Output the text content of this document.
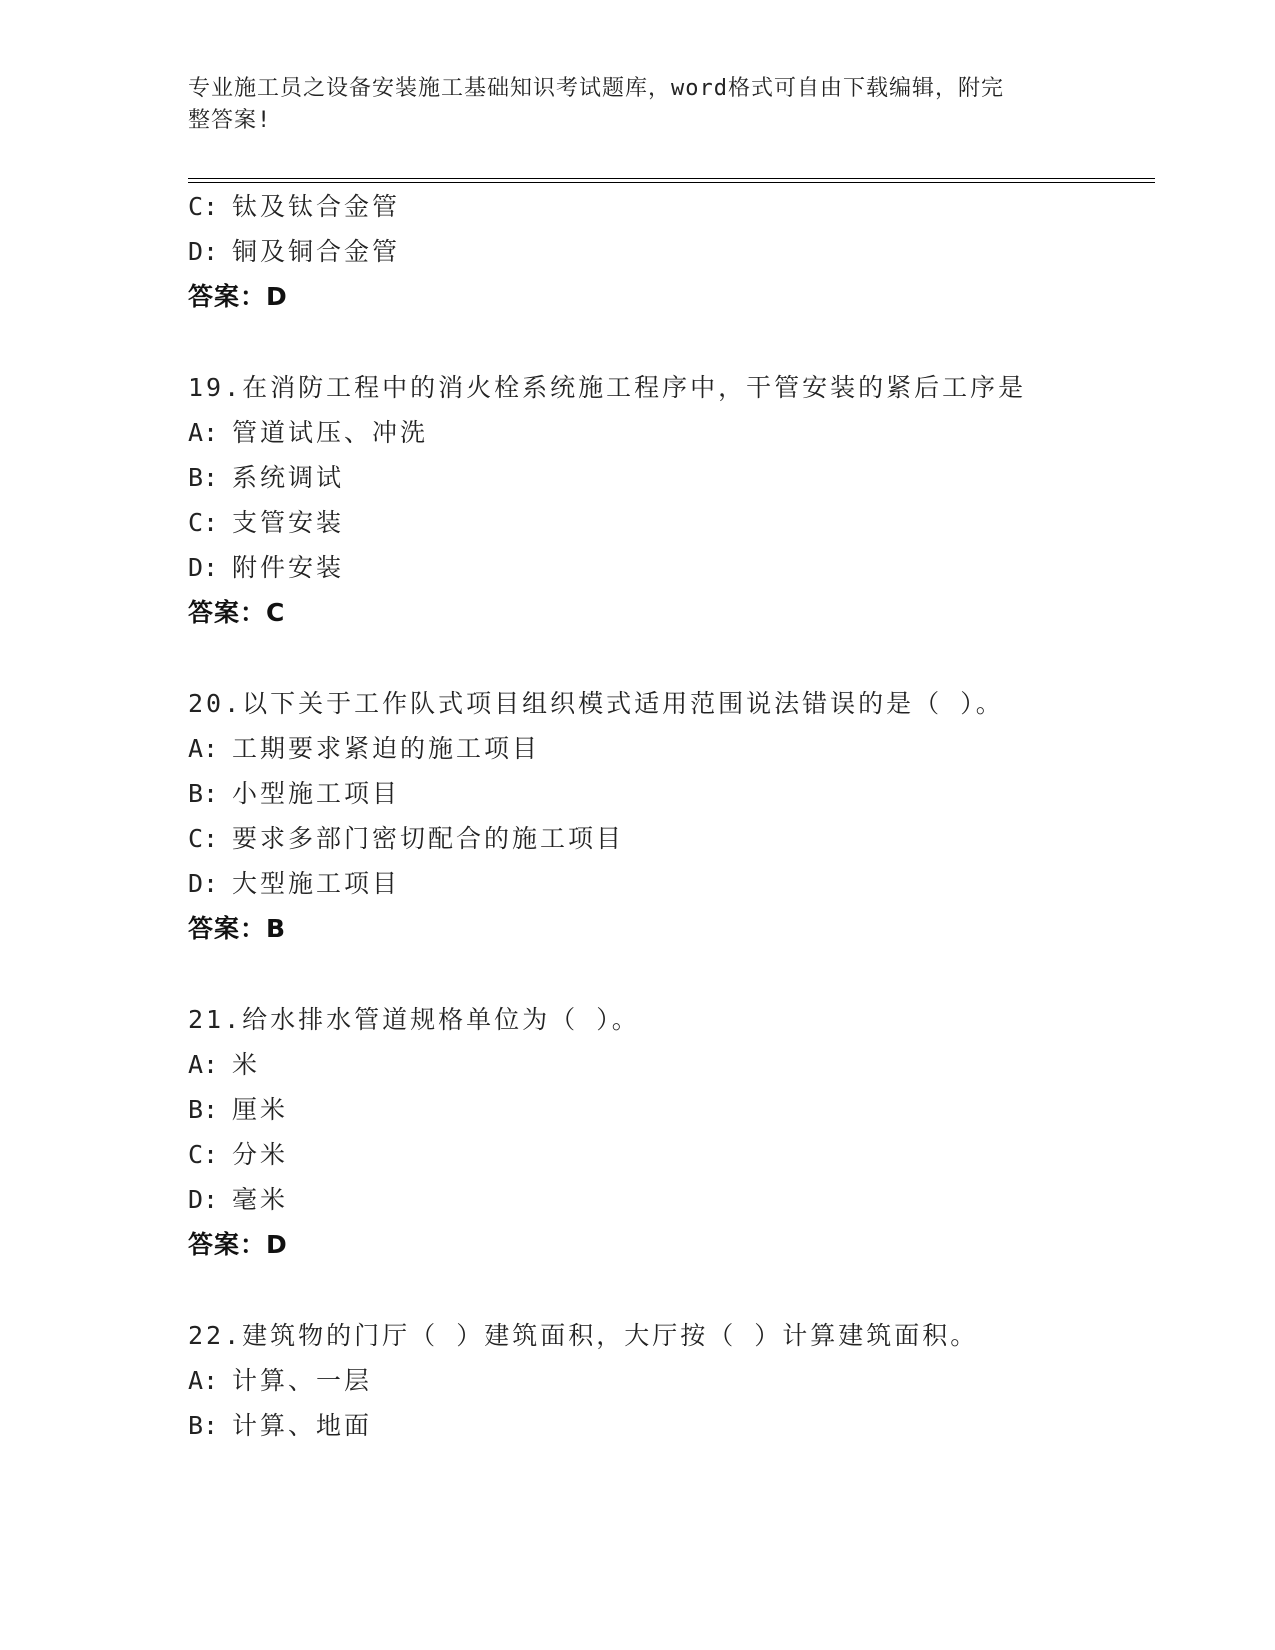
专业施工员之设备安装施工基础知识考试题库，word格式可自由下载编辑，附完
整答案!
C: 钛及钛合金管
D: 铜及铜合金管
答案：D
19.在消防工程中的消火栓系统施工程序中，干管安装的紧后工序是
A: 管道试压、冲洗
B: 系统调试
C: 支管安装
D: 附件安装
答案：C
20.以下关于工作队式项目组织模式适用范围说法错误的是（ ）。
A: 工期要求紧迫的施工项目
B: 小型施工项目
C: 要求多部门密切配合的施工项目
D: 大型施工项目
答案：B
21.给水排水管道规格单位为（ ）。
A: 米
B: 厘米
C: 分米
D: 毫米
答案：D
22.建筑物的门厅（ ）建筑面积，大厅按（ ）计算建筑面积。
A: 计算、一层
B: 计算、地面
